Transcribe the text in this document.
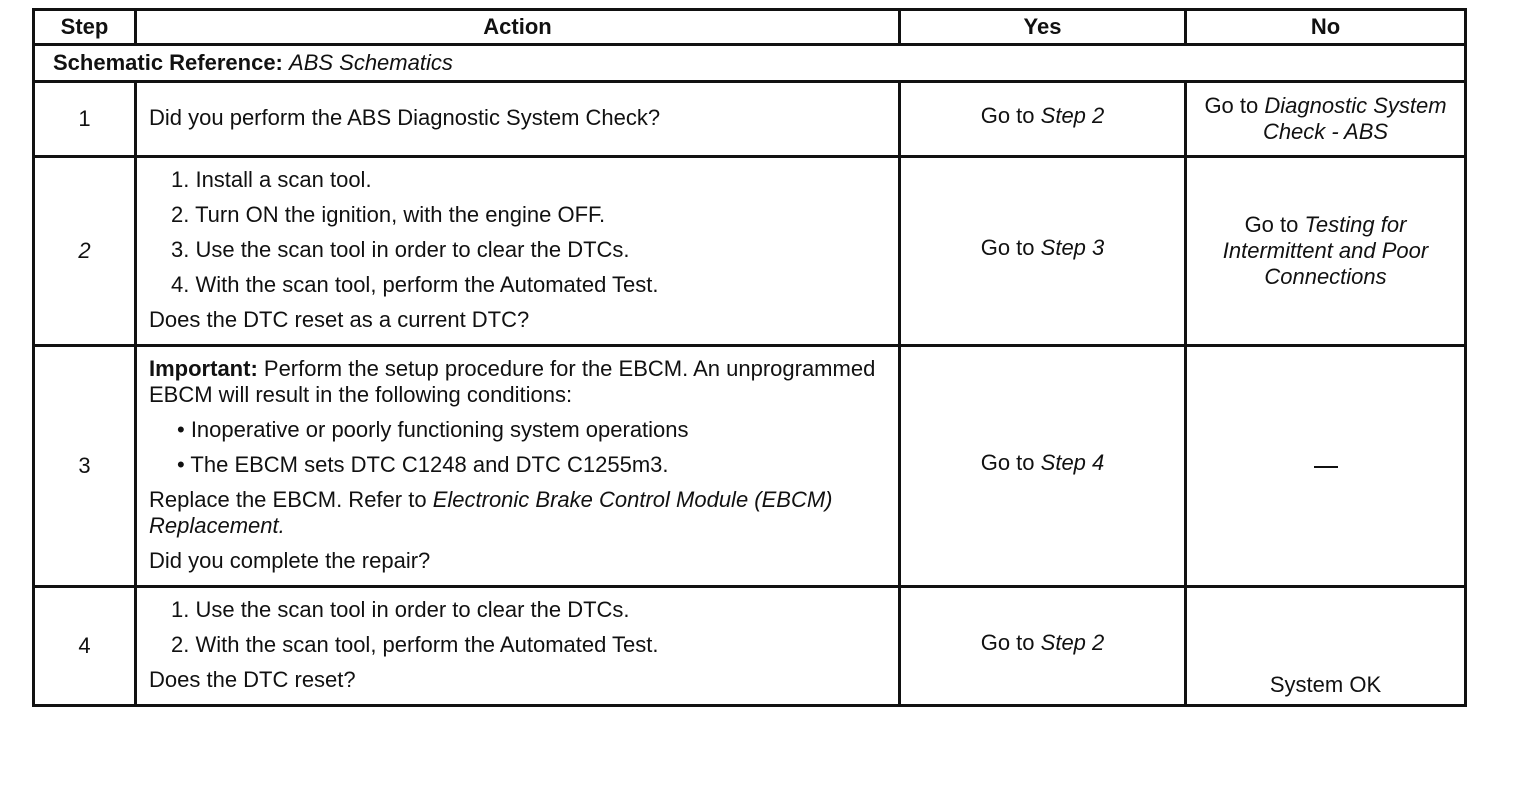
Step	Action	Yes	No
Schematic Reference: ABS Schematics			
1	Did you perform the ABS Diagnostic System Check?	Go to Step 2	Go to Diagnostic System Check - ABS
2	1. Install a scan tool.
2. Turn ON the ignition, with the engine OFF.
3. Use the scan tool in order to clear the DTCs.
4. With the scan tool, perform the Automated Test.
Does the DTC reset as a current DTC?	Go to Step 3	Go to Testing for Intermittent and Poor Connections
3	Important: Perform the setup procedure for the EBCM. An unprogrammed EBCM will result in the following conditions:
• Inoperative or poorly functioning system operations
• The EBCM sets DTC C1248 and DTC C1255m3.
Replace the EBCM. Refer to Electronic Brake Control Module (EBCM) Replacement.
Did you complete the repair?	Go to Step 4	
4	1. Use the scan tool in order to clear the DTCs.
2. With the scan tool, perform the Automated Test.
Does the DTC reset?	Go to Step 2	System OK
